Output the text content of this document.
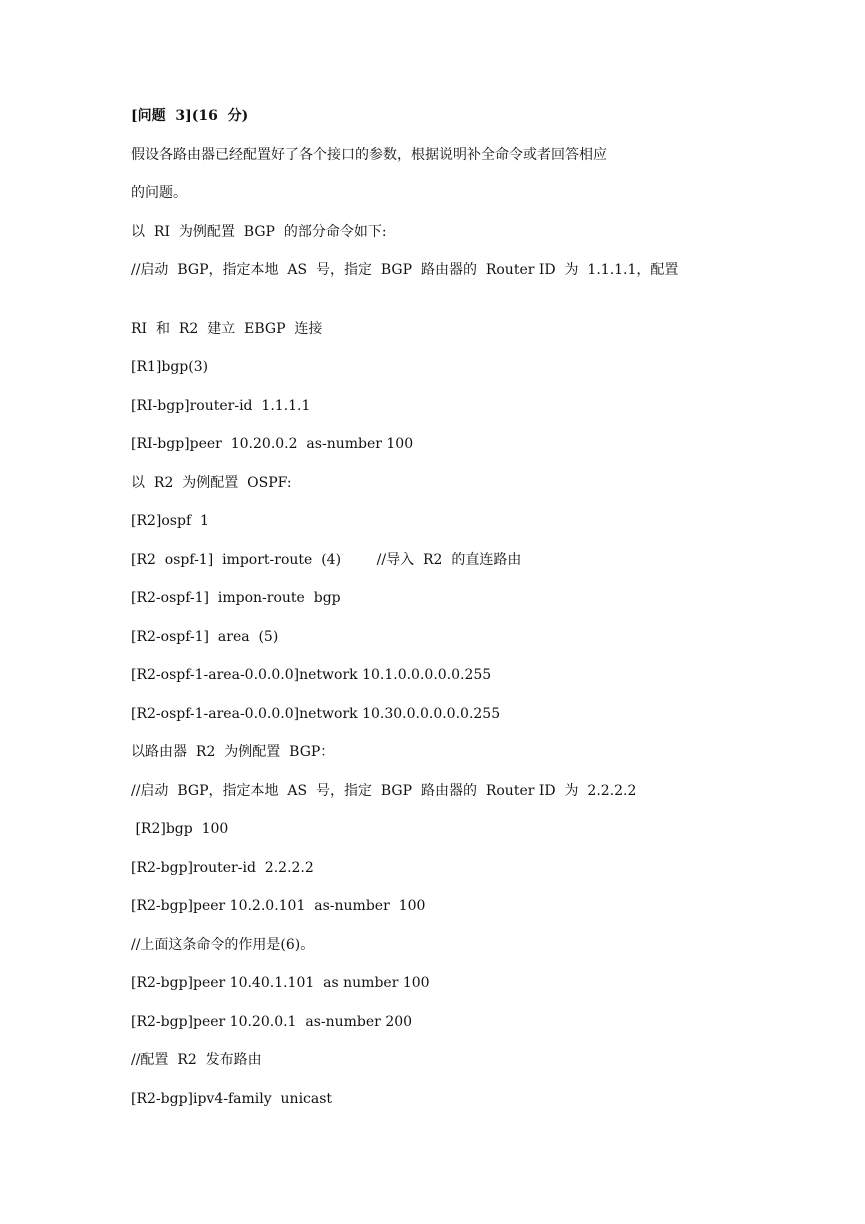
[问题  3](16  分)
假设各路由器已经配置好了各个接口的参数，根据说明补全命令或者回答相应
的问题。
以  RI  为例配置  BGP  的部分命令如下:
//启动  BGP，指定本地  AS  号，指定  BGP  路由器的  Router ID  为  1.1.1.1，配置
RI  和  R2  建立  EBGP  连接
[R1]bgp(3)
[RI-bgp]router-id  1.1.1.1
[RI-bgp]peer  10.20.0.2  as-number 100
以  R2  为例配置  OSPF:
[R2]ospf  1
[R2  ospf-1]  import-route  (4)        //导入  R2  的直连路由
[R2-ospf-1]  impon-route  bgp
[R2-ospf-1]  area  (5)
[R2-ospf-1-area-0.0.0.0]network 10.1.0.0.0.0.0.255
[R2-ospf-1-area-0.0.0.0]network 10.30.0.0.0.0.0.255
以路由器  R2  为例配置  BGP：
//启动  BGP，指定本地  AS  号，指定  BGP  路由器的  Router ID  为  2.2.2.2
[R2]bgp  100
[R2-bgp]router-id  2.2.2.2
[R2-bgp]peer 10.2.0.101  as-number  100
//上面这条命令的作用是(6)。
[R2-bgp]peer 10.40.1.101  as number 100
[R2-bgp]peer 10.20.0.1  as-number 200
//配置  R2  发布路由
[R2-bgp]ipv4-family  unicast
